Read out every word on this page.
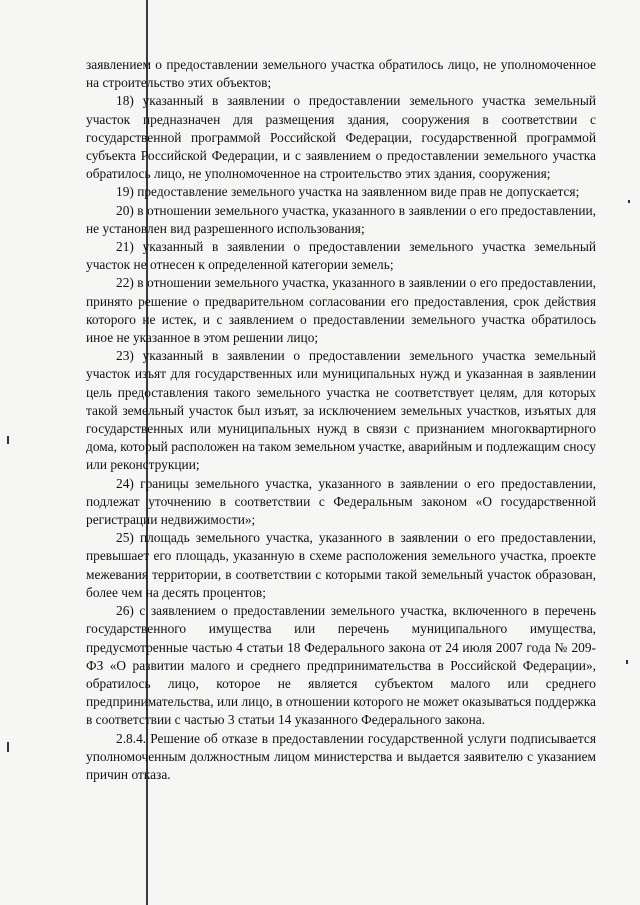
заявлением о предоставлении земельного участка обратилось лицо, не уполномоченное на строительство этих объектов;

18) указанный в заявлении о предоставлении земельного участка земельный участок предназначен для размещения здания, сооружения в соответствии с государственной программой Российской Федерации, государственной программой субъекта Российской Федерации, и с заявлением о предоставлении земельного участка обратилось лицо, не уполномоченное на строительство этих здания, сооружения;

19) предоставление земельного участка на заявленном виде прав не допускается;

20) в отношении земельного участка, указанного в заявлении о его предоставлении, не установлен вид разрешенного использования;

21) указанный в заявлении о предоставлении земельного участка земельный участок не отнесен к определенной категории земель;

22) в отношении земельного участка, указанного в заявлении о его предоставлении, принято решение о предварительном согласовании его предоставления, срок действия которого не истек, и с заявлением о предоставлении земельного участка обратилось иное не указанное в этом решении лицо;

23) указанный в заявлении о предоставлении земельного участка земельный участок изъят для государственных или муниципальных нужд и указанная в заявлении цель предоставления такого земельного участка не соответствует целям, для которых такой земельный участок был изъят, за исключением земельных участков, изъятых для государственных или муниципальных нужд в связи с признанием многоквартирного дома, который расположен на таком земельном участке, аварийным и подлежащим сносу или реконструкции;

24) границы земельного участка, указанного в заявлении о его предоставлении, подлежат уточнению в соответствии с Федеральным законом «О государственной регистрации недвижимости»;

25) площадь земельного участка, указанного в заявлении о его предоставлении, превышает его площадь, указанную в схеме расположения земельного участка, проекте межевания территории, в соответствии с которыми такой земельный участок образован, более чем на десять процентов;

26) с заявлением о предоставлении земельного участка, включенного в перечень государственного имущества или перечень муниципального имущества, предусмотренные частью 4 статьи 18 Федерального закона от 24 июля 2007 года № 209-ФЗ «О развитии малого и среднего предпринимательства в Российской Федерации», обратилось лицо, которое не является субъектом малого или среднего предпринимательства, или лицо, в отношении которого не может оказываться поддержка в соответствии с частью 3 статьи 14 указанного Федерального закона.

2.8.4. Решение об отказе в предоставлении государственной услуги подписывается уполномоченным должностным лицом министерства и выдается заявителю с указанием причин отказа.
